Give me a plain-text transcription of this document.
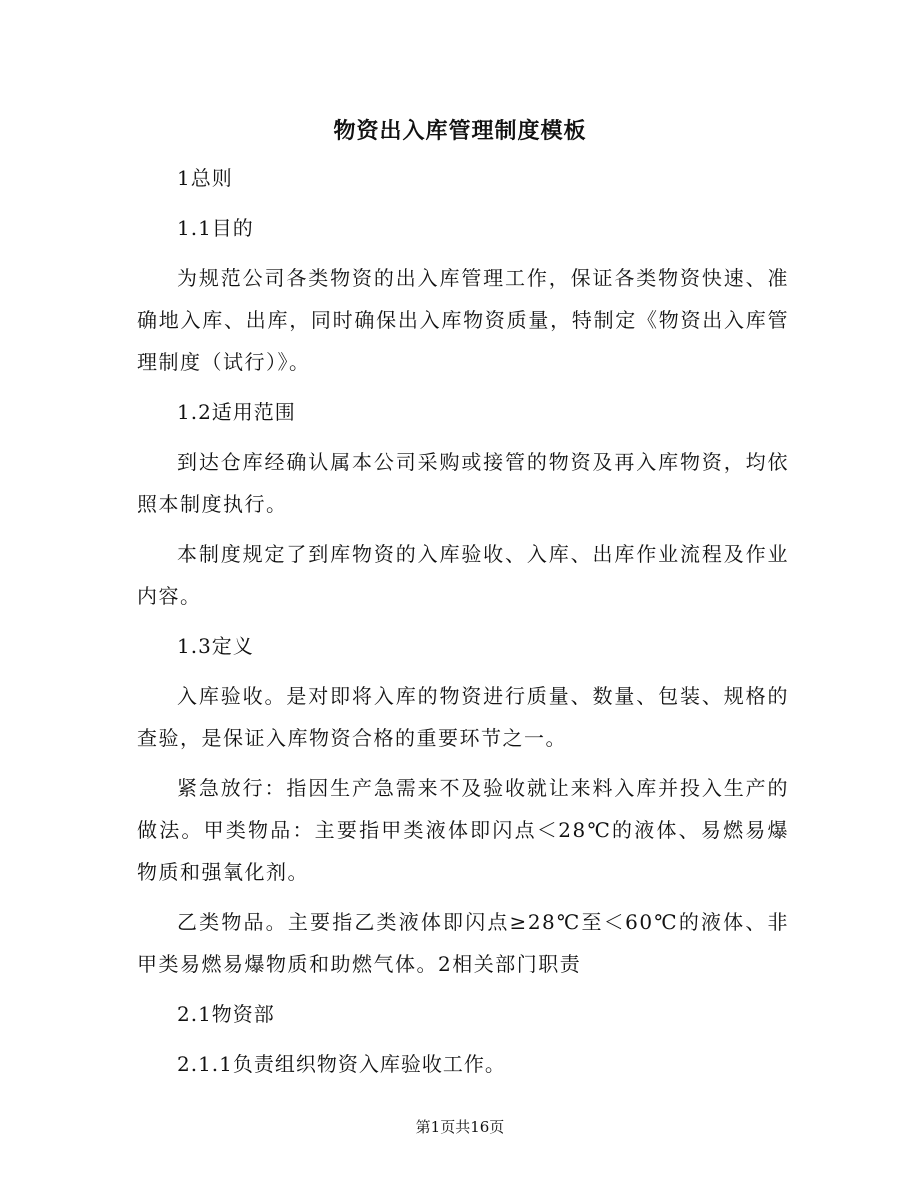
物资出入库管理制度模板

1总则

1.1目的

为规范公司各类物资的出入库管理工作，保证各类物资快速、准确地入库、出库，同时确保出入库物资质量，特制定《物资出入库管理制度（试行）》。

1.2适用范围

到达仓库经确认属本公司采购或接管的物资及再入库物资，均依照本制度执行。

本制度规定了到库物资的入库验收、入库、出库作业流程及作业内容。

1.3定义

入库验收。是对即将入库的物资进行质量、数量、包装、规格的查验，是保证入库物资合格的重要环节之一。

紧急放行：指因生产急需来不及验收就让来料入库并投入生产的做法。甲类物品：主要指甲类液体即闪点＜28℃的液体、易燃易爆物质和强氧化剂。

乙类物品。主要指乙类液体即闪点≥28℃至＜60℃的液体、非甲类易燃易爆物质和助燃气体。2相关部门职责

2.1物资部

2.1.1负责组织物资入库验收工作。

第1页共16页
